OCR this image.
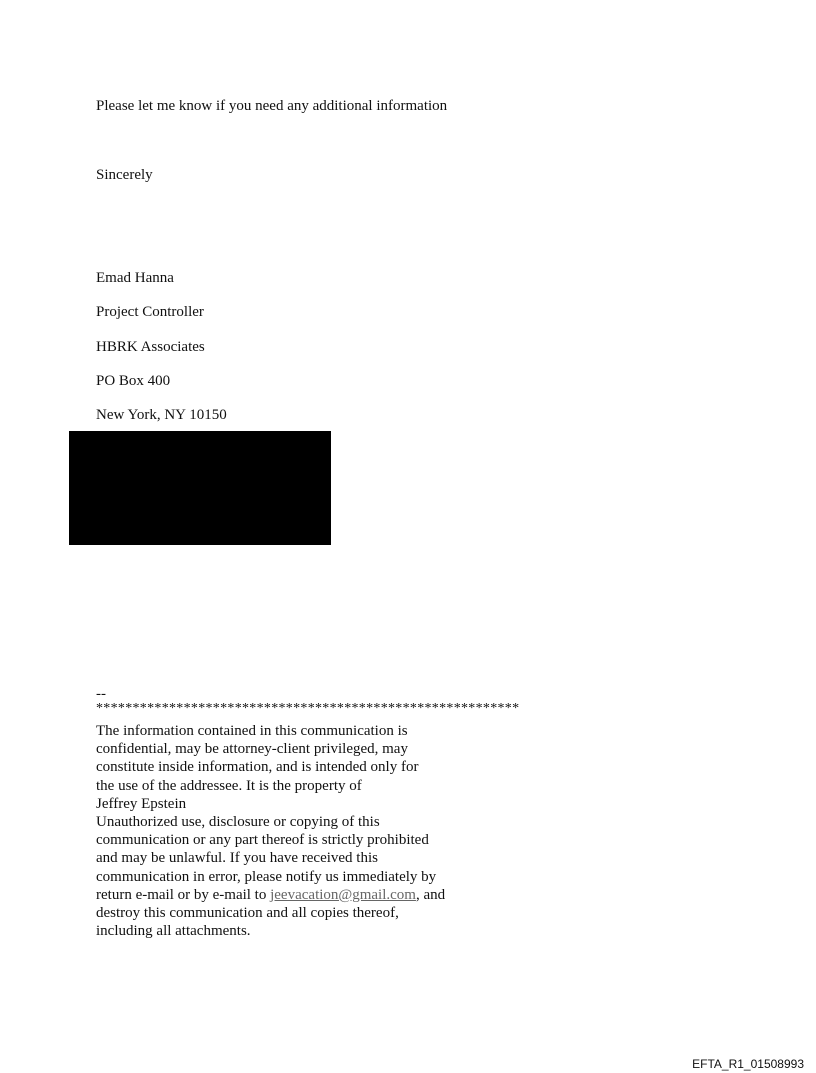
Please let me know if you need any additional information
Sincerely
Emad Hanna
Project Controller
HBRK Associates
PO Box 400
New York, NY 10150
--
**********************************************************
The information contained in this communication is
confidential, may be attorney-client privileged, may
constitute inside information, and is intended only for
the use of the addressee. It is the property of
Jeffrey Epstein
Unauthorized use, disclosure or copying of this
communication or any part thereof is strictly prohibited
and may be unlawful. If you have received this
communication in error, please notify us immediately by
return e-mail or by e-mail to jeevacation@gmail.com, and
destroy this communication and all copies thereof,
including all attachments.
EFTA_R1_01508993
